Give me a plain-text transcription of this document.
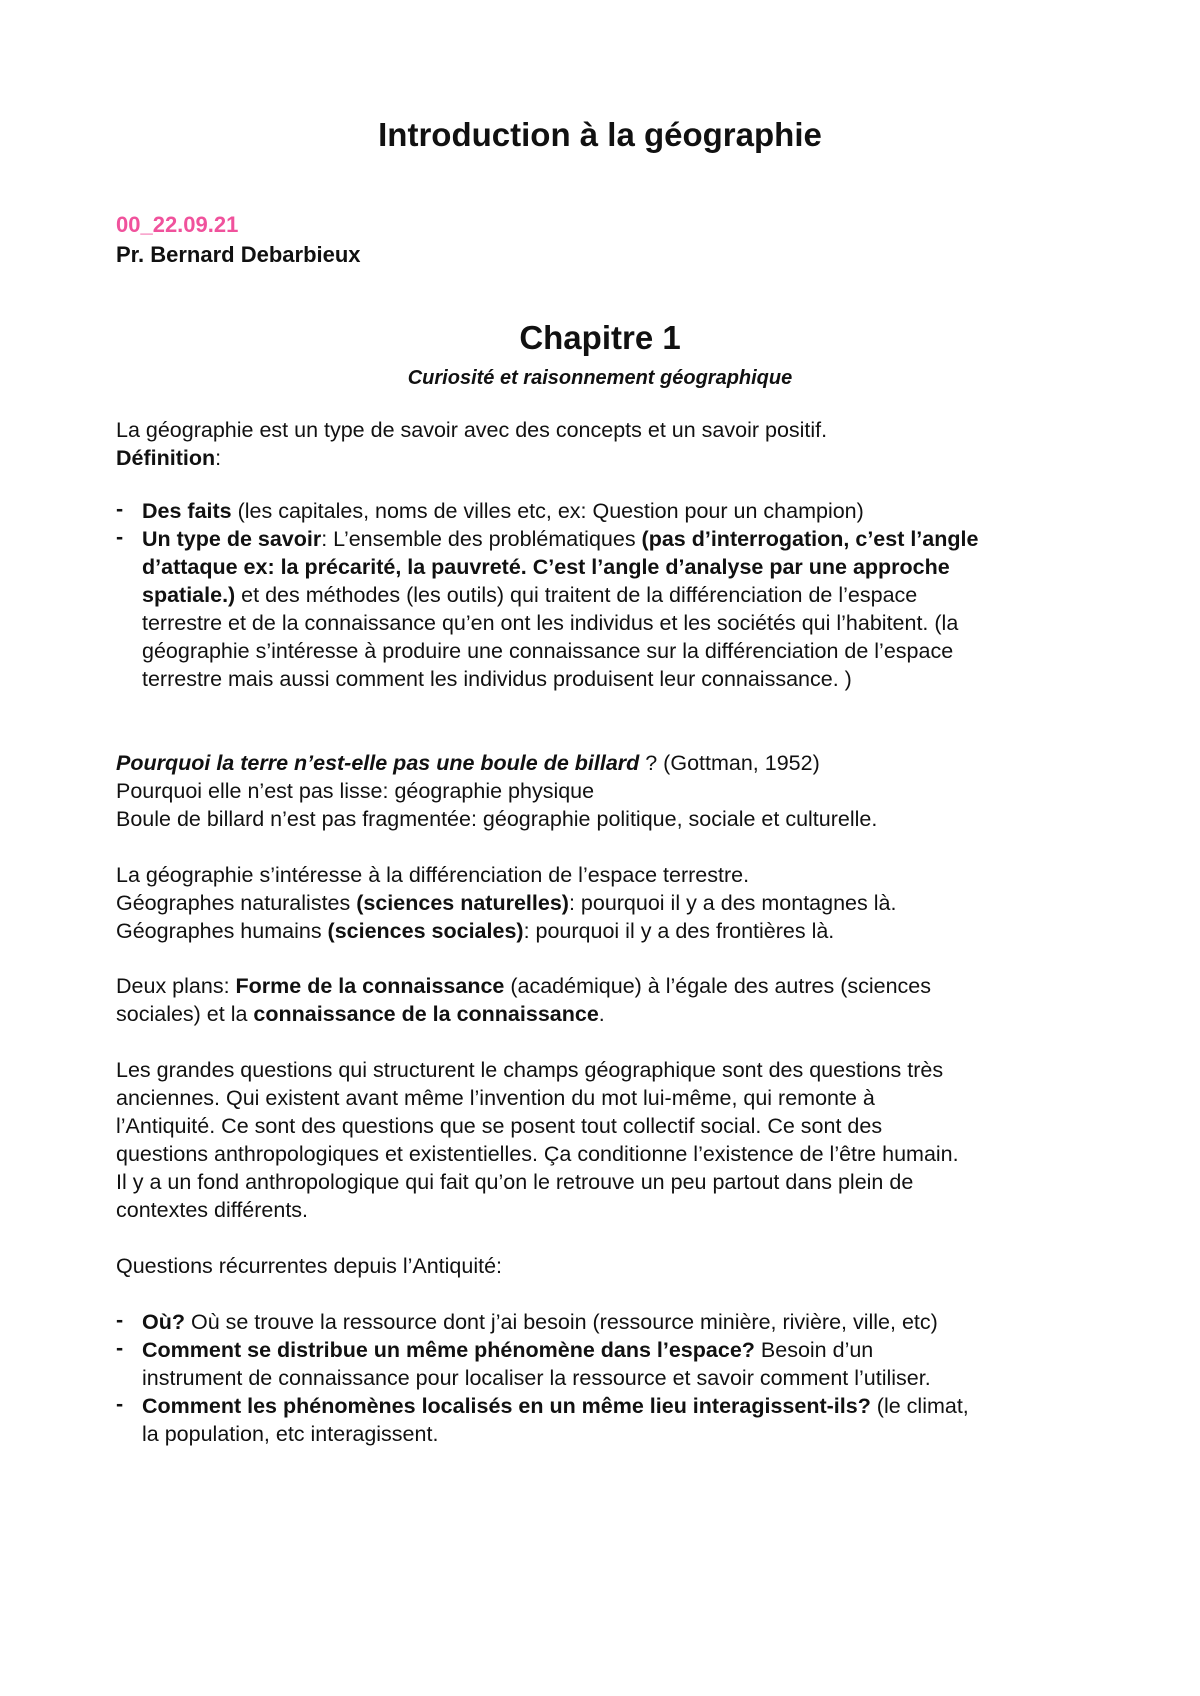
Introduction à la géographie
00_22.09.21
Pr. Bernard Debarbieux
Chapitre 1
Curiosité et raisonnement géographique
La géographie est un type de savoir avec des concepts et un savoir positif.
Définition:
- Des faits (les capitales, noms de villes etc, ex: Question pour un champion)
- Un type de savoir: L’ensemble des problématiques (pas d’interrogation, c’est l’angle
d’attaque ex: la précarité, la pauvreté. C’est l’angle d’analyse par une approche
spatiale.) et des méthodes (les outils) qui traitent de la différenciation de l’espace
terrestre et de la connaissance qu’en ont les individus et les sociétés qui l’habitent. (la
géographie s’intéresse à produire une connaissance sur la différenciation de l’espace
terrestre mais aussi comment les individus produisent leur connaissance. )
Pourquoi la terre n’est-elle pas une boule de billard ? (Gottman, 1952)
Pourquoi elle n’est pas lisse: géographie physique
Boule de billard n’est pas fragmentée: géographie politique, sociale et culturelle.
La géographie s’intéresse à la différenciation de l’espace terrestre.
Géographes naturalistes (sciences naturelles): pourquoi il y a des montagnes là.
Géographes humains (sciences sociales): pourquoi il y a des frontières là.
Deux plans: Forme de la connaissance (académique) à l’égale des autres (sciences
sociales) et la connaissance de la connaissance.
Les grandes questions qui structurent le champs géographique sont des questions très
anciennes. Qui existent avant même l’invention du mot lui-même, qui remonte à
l’Antiquité. Ce sont des questions que se posent tout collectif social. Ce sont des
questions anthropologiques et existentielles. Ça conditionne l’existence de l’être humain.
Il y a un fond anthropologique qui fait qu’on le retrouve un peu partout dans plein de
contextes différents.
Questions récurrentes depuis l’Antiquité:
- Où? Où se trouve la ressource dont j’ai besoin (ressource minière, rivière, ville, etc)
- Comment se distribue un même phénomène dans l’espace? Besoin d’un
instrument de connaissance pour localiser la ressource et savoir comment l’utiliser.
- Comment les phénomènes localisés en un même lieu interagissent-ils? (le climat,
la population, etc interagissent.
